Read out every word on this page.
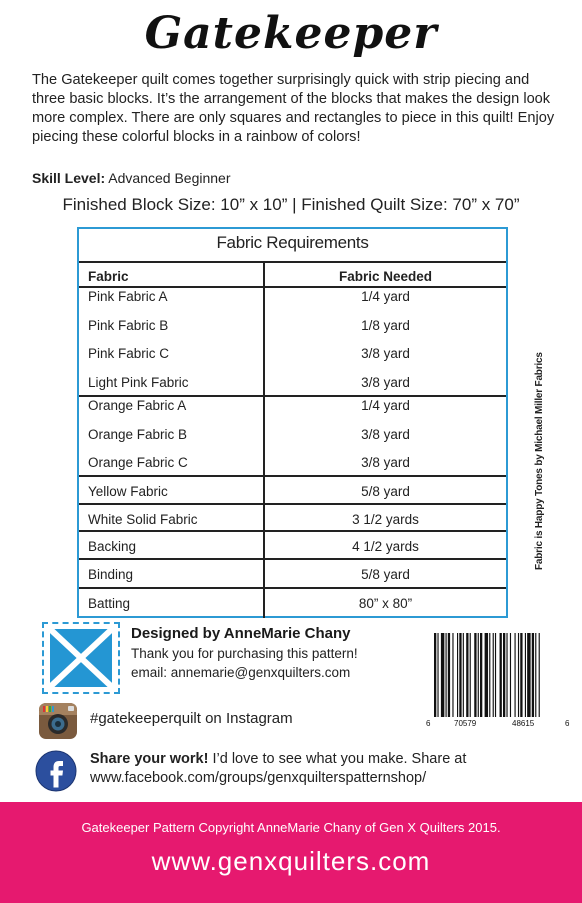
Gatekeeper
The Gatekeeper quilt comes together surprisingly quick with strip piecing and three basic blocks. It’s the arrangement of the blocks that makes the design look more complex. There are only squares and rectangles to piece in this quilt! Enjoy piecing these colorful blocks in a rainbow of colors!
Skill Level: Advanced Beginner
Finished Block Size: 10” x 10” | Finished Quilt Size: 70” x 70”
Fabric Requirements
Fabric	Fabric Needed
Pink Fabric A	1/4 yard
Pink Fabric B	1/8 yard
Pink Fabric C	3/8 yard
Light Pink Fabric	3/8 yard
Orange Fabric A	1/4 yard
Orange Fabric B	3/8 yard
Orange Fabric C	3/8 yard
Yellow Fabric	5/8 yard
White Solid Fabric	3 1/2 yards
Backing	4 1/2 yards
Binding	5/8 yard
Batting	80” x 80”
Fabric is Happy Tones by Michael Miller Fabrics
Designed by AnneMarie Chany
Thank you for purchasing this pattern!
email: annemarie@genxquilters.com
#gatekeeperquilt on Instagram
Share your work! I’d love to see what you make. Share at
www.facebook.com/groups/genxquilterspatternshop/
6	70579	48615	6
Gatekeeper Pattern Copyright AnneMarie Chany of Gen X Quilters 2015.
www.genxquilters.com
